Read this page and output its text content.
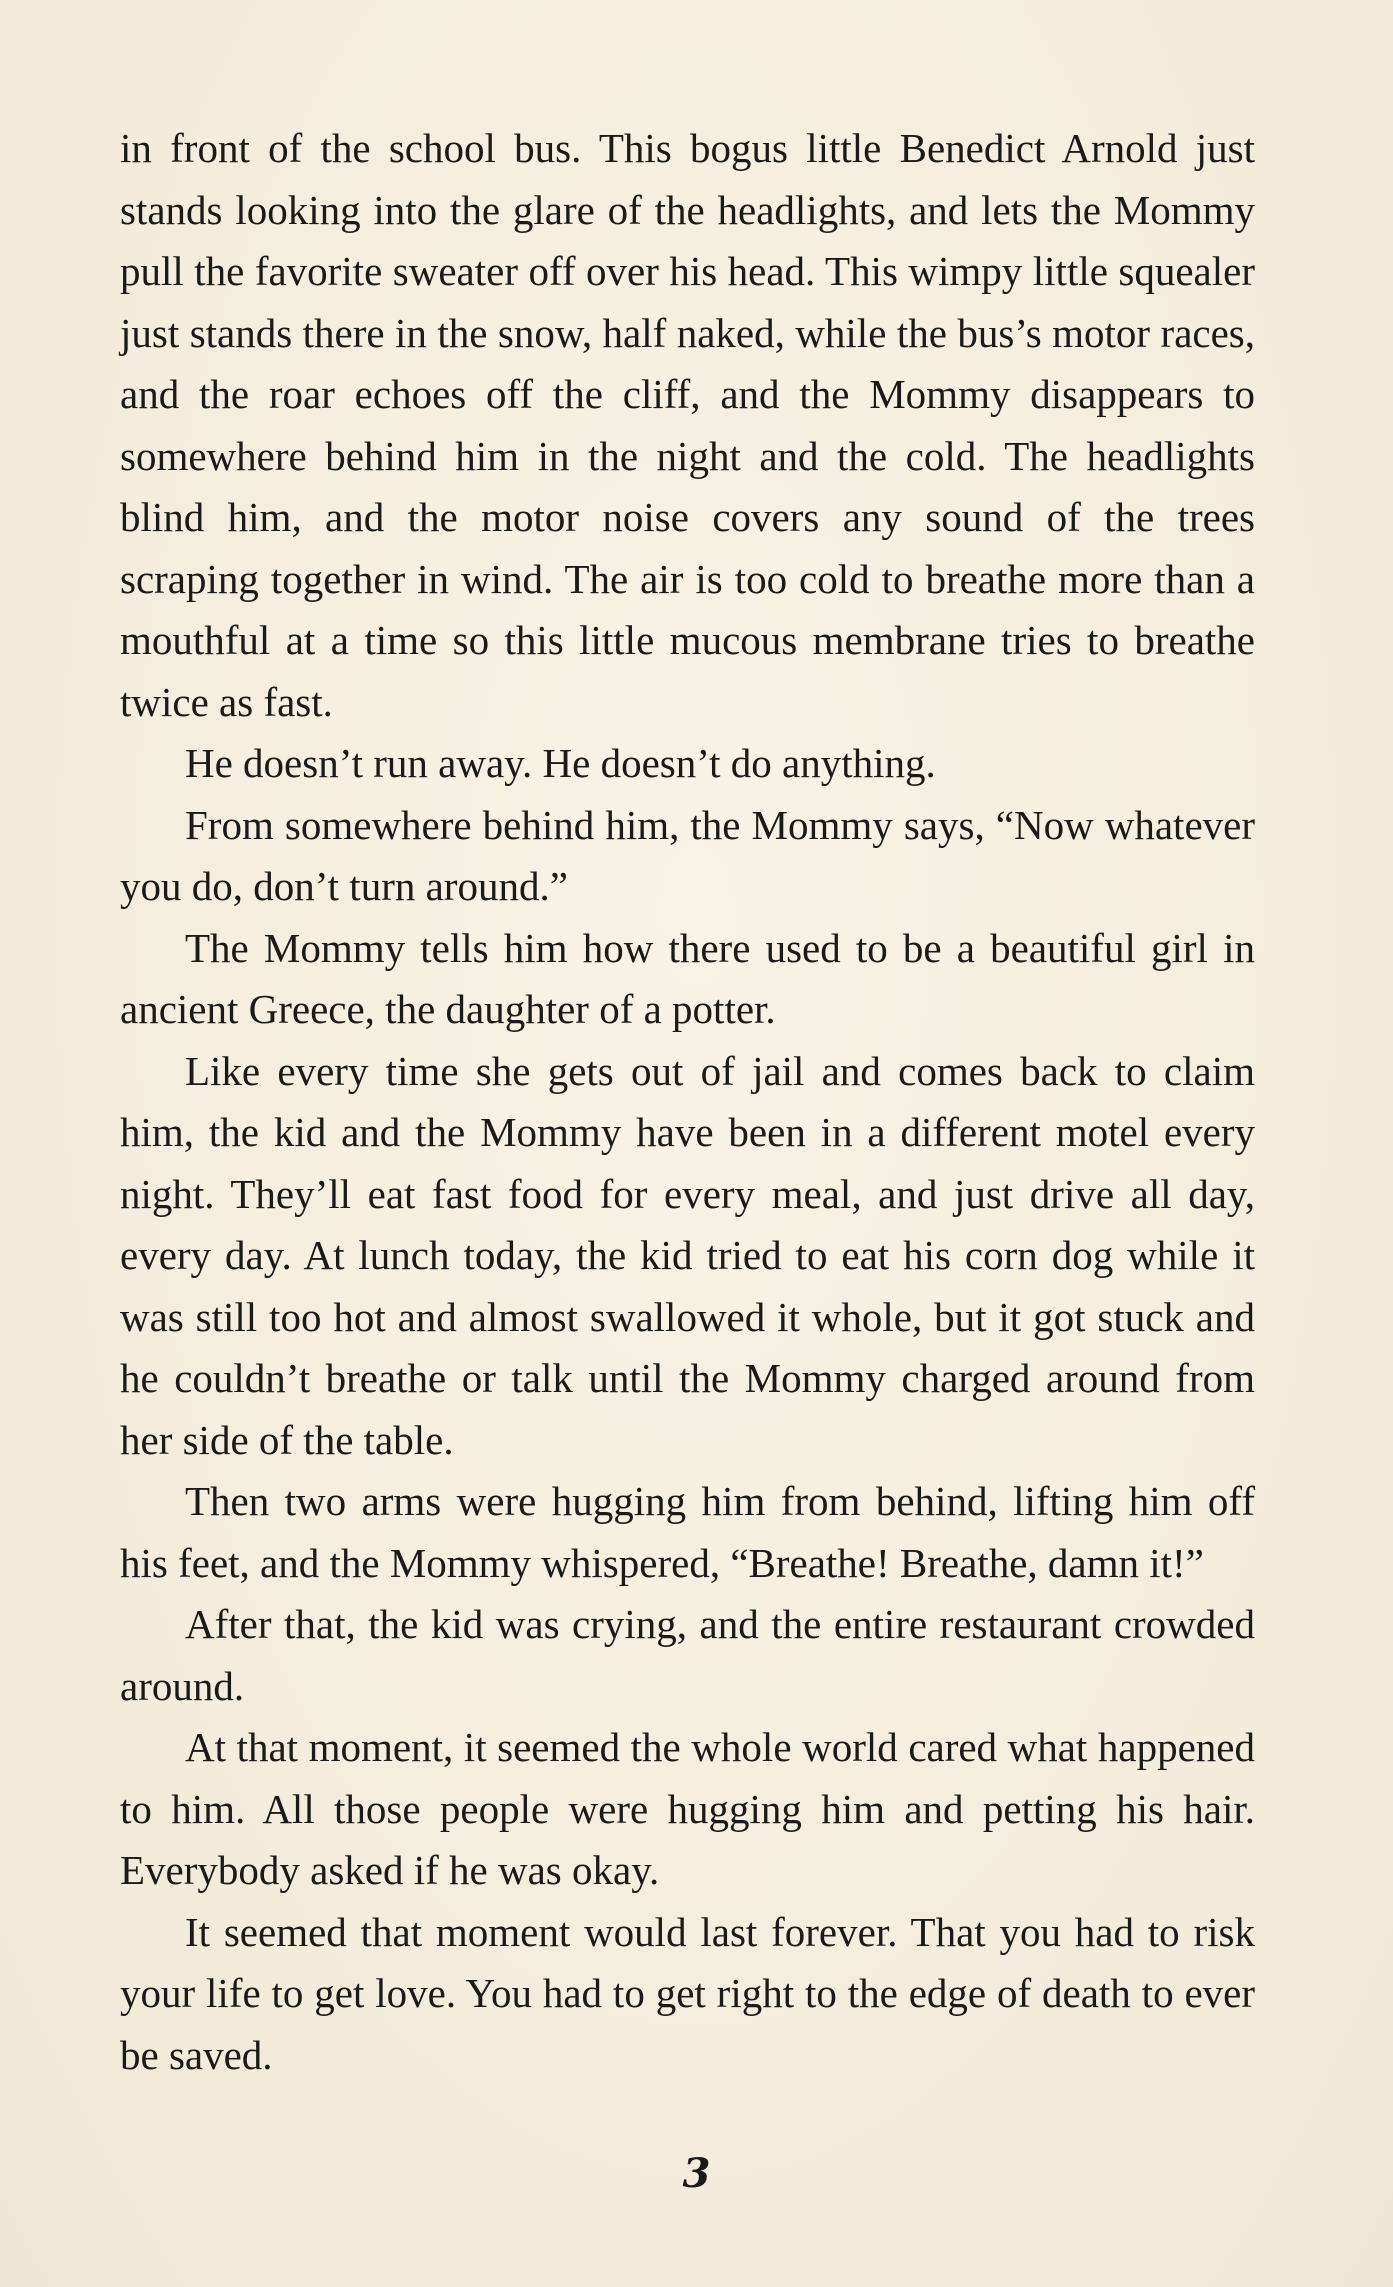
in front of the school bus. This bogus little Benedict Arnold just stands looking into the glare of the headlights, and lets the Mommy pull the favorite sweater off over his head. This wimpy little squealer just stands there in the snow, half naked, while the bus’s motor races, and the roar echoes off the cliff, and the Mommy disappears to somewhere behind him in the night and the cold. The headlights blind him, and the motor noise covers any sound of the trees scraping together in wind. The air is too cold to breathe more than a mouthful at a time so this little mucous membrane tries to breathe twice as fast.

He doesn’t run away. He doesn’t do anything.

From somewhere behind him, the Mommy says, “Now whatever you do, don’t turn around.”

The Mommy tells him how there used to be a beautiful girl in ancient Greece, the daughter of a potter.

Like every time she gets out of jail and comes back to claim him, the kid and the Mommy have been in a different motel every night. They’ll eat fast food for every meal, and just drive all day, every day. At lunch today, the kid tried to eat his corn dog while it was still too hot and almost swallowed it whole, but it got stuck and he couldn’t breathe or talk until the Mommy charged around from her side of the table.

Then two arms were hugging him from behind, lifting him off his feet, and the Mommy whispered, “Breathe! Breathe, damn it!”

After that, the kid was crying, and the entire restaurant crowded around.

At that moment, it seemed the whole world cared what happened to him. All those people were hugging him and petting his hair. Everybody asked if he was okay.

It seemed that moment would last forever. That you had to risk your life to get love. You had to get right to the edge of death to ever be saved.

3
